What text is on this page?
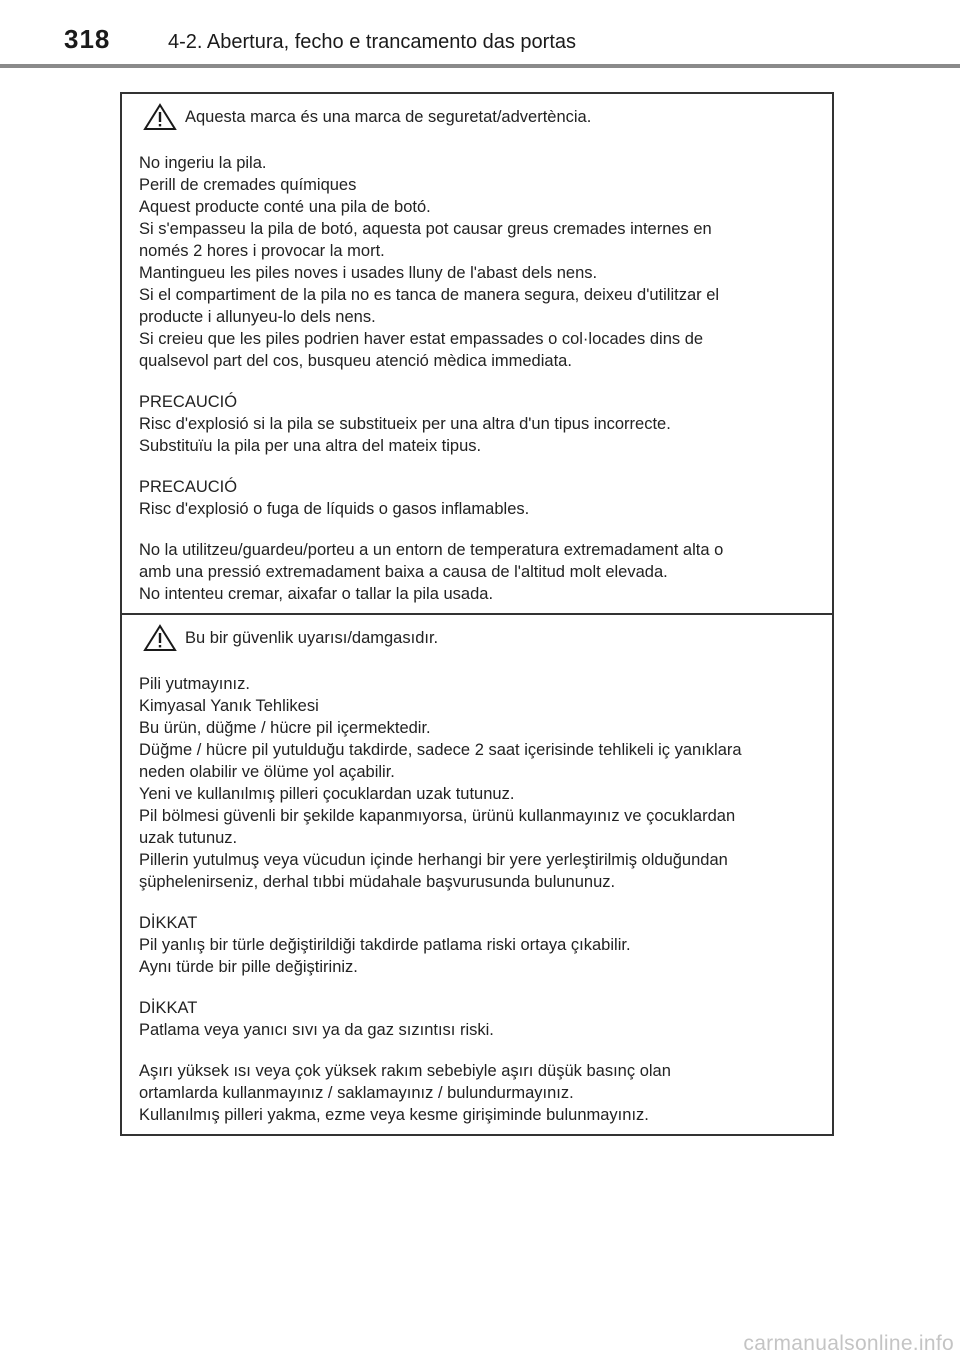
318	4-2. Abertura, fecho e trancamento das portas
Aquesta marca és una marca de seguretat/advertència.
No ingeriu la pila.
Perill de cremades químiques
Aquest producte conté una pila de botó.
Si s'empasseu la pila de botó, aquesta pot causar greus cremades internes en
només 2 hores i provocar la mort.
Mantingueu les piles noves i usades lluny de l'abast dels nens.
Si el compartiment de la pila no es tanca de manera segura, deixeu d'utilitzar el
producte i allunyeu-lo dels nens.
Si creieu que les piles podrien haver estat empassades o col·locades dins de
qualsevol part del cos, busqueu atenció mèdica immediata.
PRECAUCIÓ
Risc d'explosió si la pila se substitueix per una altra d'un tipus incorrecte.
Substituïu la pila per una altra del mateix tipus.
PRECAUCIÓ
Risc d'explosió o fuga de líquids o gasos inflamables.
No la utilitzeu/guardeu/porteu a un entorn de temperatura extremadament alta o
amb una pressió extremadament baixa a causa de l'altitud molt elevada.
No intenteu cremar, aixafar o tallar la pila usada.
Bu bir güvenlik uyarısı/damgasıdır.
Pili yutmayınız.
Kimyasal Yanık Tehlikesi
Bu ürün, düğme / hücre pil içermektedir.
Düğme / hücre pil yutulduğu takdirde, sadece 2 saat içerisinde tehlikeli iç yanıklara
neden olabilir ve ölüme yol açabilir.
Yeni ve kullanılmış pilleri çocuklardan uzak tutunuz.
Pil bölmesi güvenli bir şekilde kapanmıyorsa, ürünü kullanmayınız ve çocuklardan
uzak tutunuz.
Pillerin yutulmuş veya vücudun içinde herhangi bir yere yerleştirilmiş olduğundan
şüphelenirseniz, derhal tıbbi müdahale başvurusunda bulununuz.
DİKKAT
Pil yanlış bir türle değiştirildiği takdirde patlama riski ortaya çıkabilir.
Aynı türde bir pille değiştiriniz.
DİKKAT
Patlama veya yanıcı sıvı ya da gaz sızıntısı riski.
Aşırı yüksek ısı veya çok yüksek rakım sebebiyle aşırı düşük basınç olan
ortamlarda kullanmayınız / saklamayınız / bulundurmayınız.
Kullanılmış pilleri yakma, ezme veya kesme girişiminde bulunmayınız.
carmanualsonline.info
